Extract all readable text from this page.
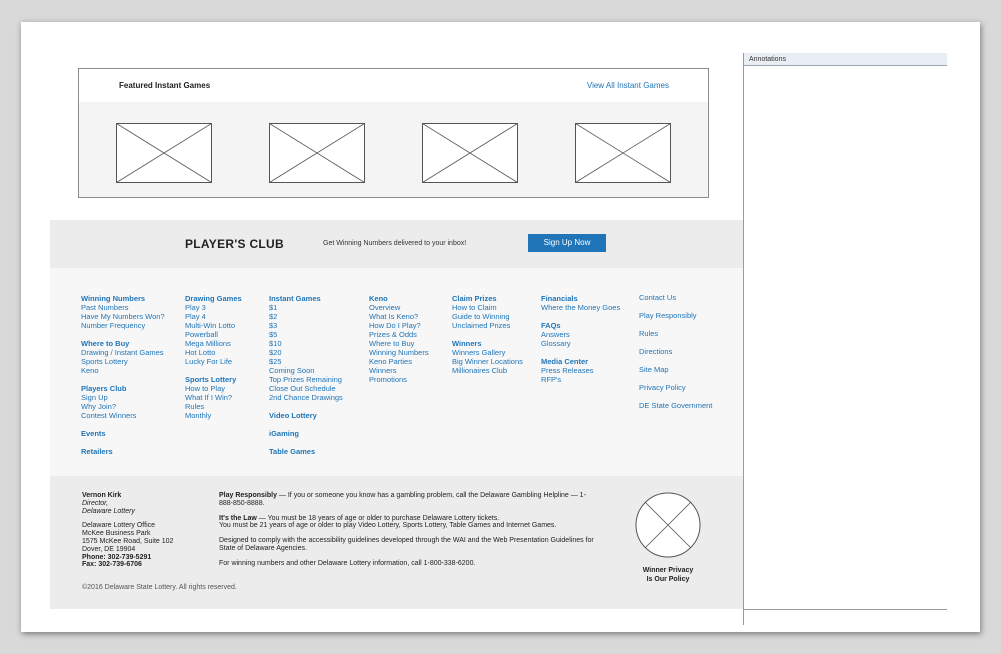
Featured Instant Games	View All Instant Games
PLAYER'S CLUB	Get Winning Numbers delivered to your inbox!	Sign Up Now
Winning Numbers
Past Numbers
Have My Numbers Won?
Number Frequency
Where to Buy
Drawing / Instant Games
Sports Lottery
Keno
Players Club
Sign Up
Why Join?
Contest Winners
Events
Retailers
Drawing Games
Play 3
Play 4
Multi-Win Lotto
Powerball
Mega Millions
Hot Lotto
Lucky For Life
Sports Lottery
How to Play
What If I Win?
Rules
Monthly
Instant Games
$1
$2
$3
$5
$10
$20
$25
Coming Soon
Top Prizes Remaining
Close Out Schedule
2nd Chance Drawings
Video Lottery
iGaming
Table Games
Keno
Overview
What Is Keno?
How Do I Play?
Prizes & Odds
Where to Buy
Winning Numbers
Keno Parties
Winners
Promotions
Claim Prizes
How to Claim
Guide to Winning
Unclaimed Prizes
Winners
Winners Gallery
Big Winner Locations
Millionaires Club
Financials
Where the Money Goes
FAQs
Answers
Glossary
Media Center
Press Releases
RFP's
Contact Us
Play Responsibly
Rules
Directions
Site Map
Privacy Policy
DE State Government
Vernon Kirk
Director,
Delaware Lottery
Delaware Lottery Office
McKee Business Park
1575 McKee Road, Suite 102
Dover, DE 19904
Phone: 302-739-5291
Fax: 302-739-6706

Play Responsibly — If you or someone you know has a gambling problem, call the Delaware Gambling Helpline — 1-888-850-8888.

It's the Law — You must be 18 years of age or older to purchase Delaware Lottery tickets.
You must be 21 years of age or older to play Video Lottery, Sports Lottery, Table Games and Internet Games.

Designed to comply with the accessibility guidelines developed through the WAI and the Web Presentation Guidelines for State of Delaware Agencies.

For winning numbers and other Delaware Lottery information, call 1-800-338-6200.

©2016 Delaware State Lottery. All rights reserved.
Winner Privacy
Is Our Policy
Annotations
